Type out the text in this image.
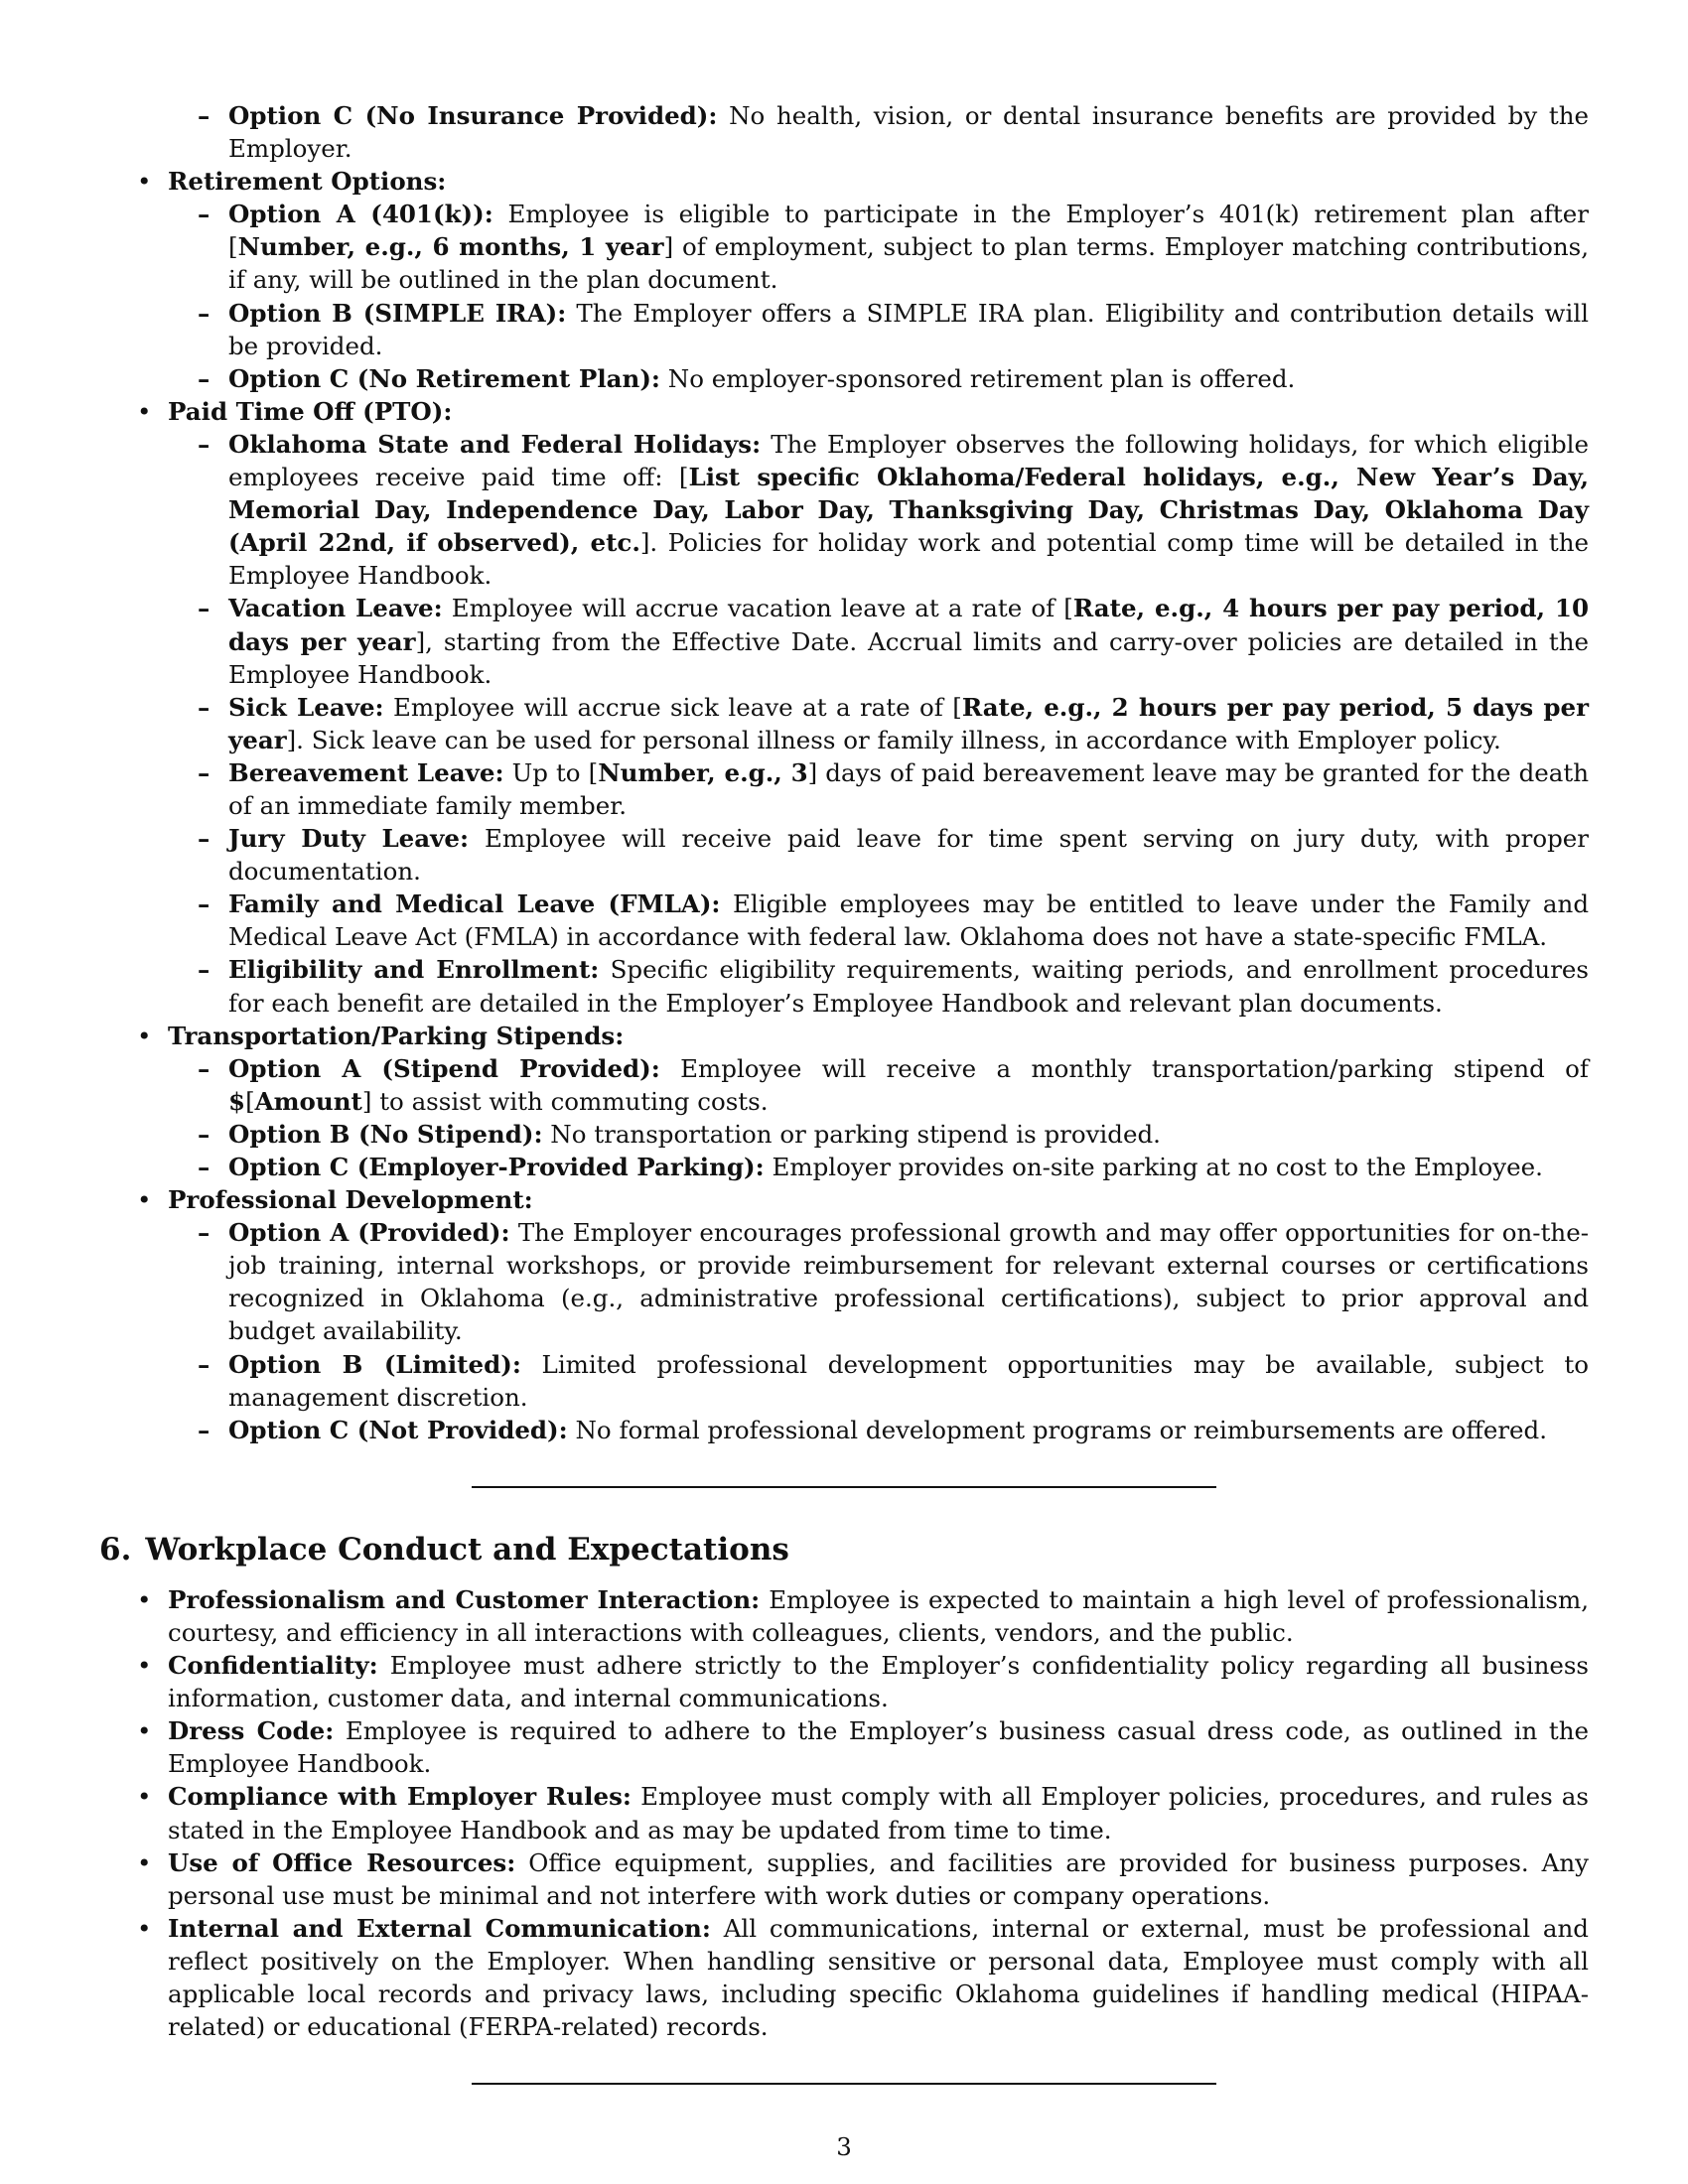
– Option C (No Insurance Provided): No health, vision, or dental insurance benefits are provided by the Employer.
• Retirement Options:
– Option A (401(k)): Employee is eligible to participate in the Employer’s 401(k) retirement plan after [Number, e.g., 6 months, 1 year] of employment, subject to plan terms. Employer matching contributions, if any, will be outlined in the plan document.
– Option B (SIMPLE IRA): The Employer offers a SIMPLE IRA plan. Eligibility and contribution details will be provided.
– Option C (No Retirement Plan): No employer-sponsored retirement plan is offered.
• Paid Time Off (PTO):
– Oklahoma State and Federal Holidays: The Employer observes the following holidays, for which eligible employees receive paid time off: [List specific Oklahoma/Federal holidays, e.g., New Year’s Day, Memorial Day, Independence Day, Labor Day, Thanksgiving Day, Christmas Day, Oklahoma Day (April 22nd, if observed), etc.]. Policies for holiday work and potential comp time will be detailed in the Employee Handbook.
– Vacation Leave: Employee will accrue vacation leave at a rate of [Rate, e.g., 4 hours per pay period, 10 days per year], starting from the Effective Date. Accrual limits and carry-over policies are detailed in the Employee Handbook.
– Sick Leave: Employee will accrue sick leave at a rate of [Rate, e.g., 2 hours per pay period, 5 days per year]. Sick leave can be used for personal illness or family illness, in accordance with Employer policy.
– Bereavement Leave: Up to [Number, e.g., 3] days of paid bereavement leave may be granted for the death of an immediate family member.
– Jury Duty Leave: Employee will receive paid leave for time spent serving on jury duty, with proper documentation.
– Family and Medical Leave (FMLA): Eligible employees may be entitled to leave under the Family and Medical Leave Act (FMLA) in accordance with federal law. Oklahoma does not have a state-specific FMLA.
– Eligibility and Enrollment: Specific eligibility requirements, waiting periods, and enrollment procedures for each benefit are detailed in the Employer’s Employee Handbook and relevant plan documents.
• Transportation/Parking Stipends:
– Option A (Stipend Provided): Employee will receive a monthly transportation/parking stipend of $[Amount] to assist with commuting costs.
– Option B (No Stipend): No transportation or parking stipend is provided.
– Option C (Employer-Provided Parking): Employer provides on-site parking at no cost to the Employee.
• Professional Development:
– Option A (Provided): The Employer encourages professional growth and may offer opportunities for on-the-job training, internal workshops, or provide reimbursement for relevant external courses or certifications recognized in Oklahoma (e.g., administrative professional certifications), subject to prior approval and budget availability.
– Option B (Limited): Limited professional development opportunities may be available, subject to management discretion.
– Option C (Not Provided): No formal professional development programs or reimbursements are offered.
6. Workplace Conduct and Expectations
• Professionalism and Customer Interaction: Employee is expected to maintain a high level of professionalism, courtesy, and efficiency in all interactions with colleagues, clients, vendors, and the public.
• Confidentiality: Employee must adhere strictly to the Employer’s confidentiality policy regarding all business information, customer data, and internal communications.
• Dress Code: Employee is required to adhere to the Employer’s business casual dress code, as outlined in the Employee Handbook.
• Compliance with Employer Rules: Employee must comply with all Employer policies, procedures, and rules as stated in the Employee Handbook and as may be updated from time to time.
• Use of Office Resources: Office equipment, supplies, and facilities are provided for business purposes. Any personal use must be minimal and not interfere with work duties or company operations.
• Internal and External Communication: All communications, internal or external, must be professional and reflect positively on the Employer. When handling sensitive or personal data, Employee must comply with all applicable local records and privacy laws, including specific Oklahoma guidelines if handling medical (HIPAA-related) or educational (FERPA-related) records.
3
